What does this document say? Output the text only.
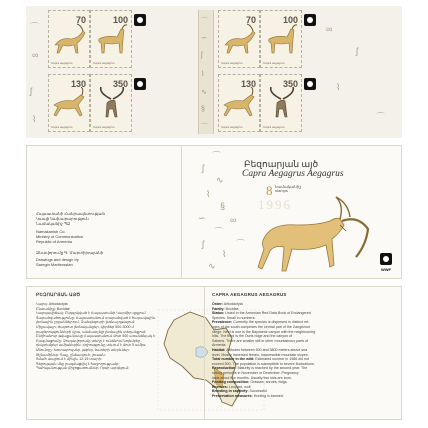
⌒
∞
ʃ
⌇
70
Capra aegagrus
100
Capra aegagrus
130
Capra aegagrus
350
Capra aegagrus
⌒
∽
ʃ
⌇
∿
§
⌒
70
Capra aegagrus
100
Capra aegagrus
130
Capra aegagrus
350
Capra aegagrus
∞
ʃ
⌇
⌒
Հայաստանի Հանրապետության
Կապի նախարարություն
Նամականիշ ՊՁ
Namakanish Co.
Ministry of Communication
Republic of Armenia
Ձևավորումը Գ. Մարտիրոսյանի
Drawings and design by
Saregin Martirossian
⌒
ʃ
∿
⌇
§
∽
⌒
∞
ʃ
⌇
∿
⌒
Բեզոարյան այծ
Capra Aegagrus Aegagrus
8 նամականիշ
stamps
1996
WWF
ԲԵԶՈԱՐՅԱՆ ԱՅԾ
Կարգ: Artiodactyla
Ընտանիք: Bovidae
Կարգավիճակ: Ընդգրկված է Հայաստանի Կարմիր գրքում
Տարածվածությունը: Հայաստանում տարածված է հարավային
լեռնային շրջաններում, Զանգեզուրի լեռնաշղթայում:
Միջավայր: Ժայռոտ լեռնալանջեր, կիրճեր 500-3000 մ
բարձրությունների վրա, անմատչելի լեռնային տեղանքում:
Ընդհանուր թվաքանակը Հայաստանում մոտ 500 առանձնյակ է:
Բազմացումը: Զուգավորումը տեղի է ունենում նոյեմբեր-
դեկտեմբեր ամիսներին: Հղիությունը տևում է մոտ 5 ամիս:
Սնունդը: Խոտաբույսեր, թփեր, ծառերի տերևներ:
Թշնամիներ: Գայլ, ընձառյուծ, լուսան:
Ցմահ ապրում է մինչև 12-15 տարի:
Գերության մեջ բազմացվել է հաջողությամբ:
Պահպանության միջոցառումներ: Որսի արգելում:
CAPRA AEGAGRUS AEGAGRUS
Order: Artiodactyla
Family: Bovidae
Status: Listed in the Armenian Red Data Book of Endangered
Species. Small in numbers.
Prevalence: Currently the species is dispersed in distinct ref-
uges of the south comprises the central part of the Zangezour
range. Next is one is the Bayosenz canyon with the neighbouring
hills. The third is the Ouris ridge and the canyon of
Sabens. There are smaller still in other mountainous parts of
Armenia.
Habitat: Altitudes between 500 and 3800 meters above sea
level. Mostly traversed terrain, inaccessible mountain slopes.
Total number in the wild: Estimated number in 1986 did not
exceed 500. The population is susceptible to severe fluctuations.
Reproduction: Maturity is reached by the second year. The
rutting period is in November or December. Pregnancy
lasts about five months. Usually two kids are born.
Feeding composition: Grasses, shrubs, twigs.
Enemies: Leopard, wolf.
Breeding in captivity: Successful
Preservation measures: Hunting is banned.
